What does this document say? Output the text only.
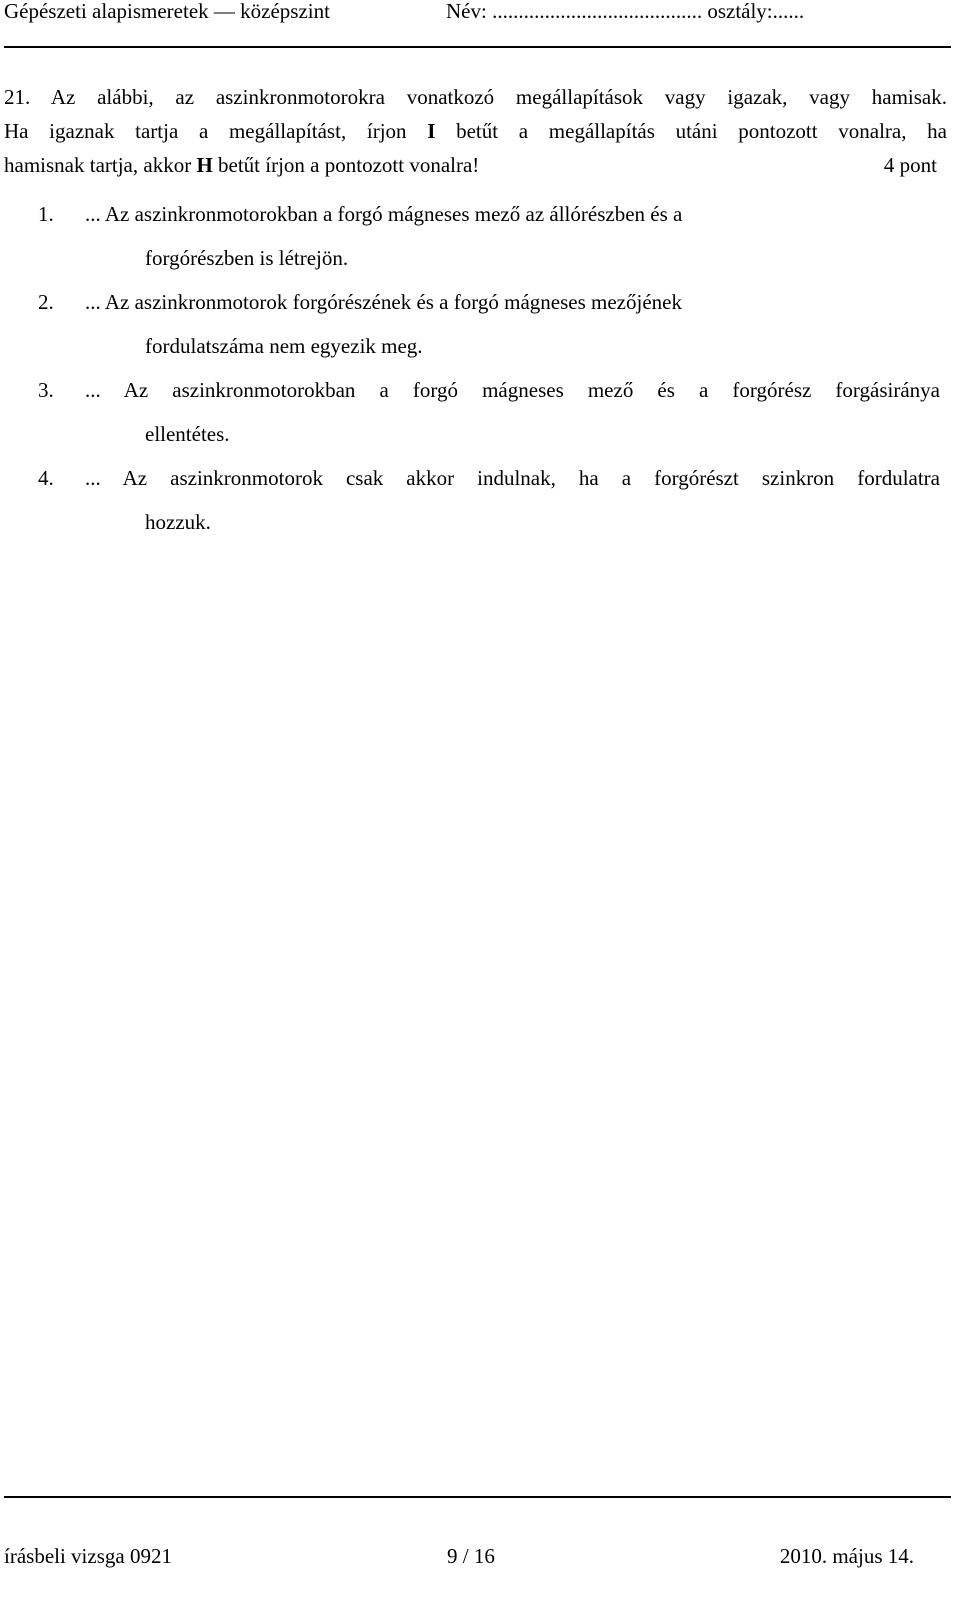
Gépészeti alapismeretek — középszint	Név: ........................................ osztály:......
21. Az alábbi, az aszinkronmotorokra vonatkozó megállapítások vagy igazak, vagy hamisak.
Ha igaznak tartja a megállapítást, írjon I betűt a megállapítás utáni pontozott vonalra, ha
hamisnak tartja, akkor H betűt írjon a pontozott vonalra!	4 pont
1. ... Az aszinkronmotorokban a forgó mágneses mező az állórészben és a
forgórészben is létrejön.
2. ... Az aszinkronmotorok forgórészének és a forgó mágneses mezőjének
fordulatszáma nem egyezik meg.
3. ... Az aszinkronmotorokban a forgó mágneses mező és a forgórész forgásiránya
ellentétes.
4. ... Az aszinkronmotorok csak akkor indulnak, ha a forgórészt szinkron fordulatra
hozzuk.
írásbeli vizsga 0921	9 / 16	2010. május 14.
